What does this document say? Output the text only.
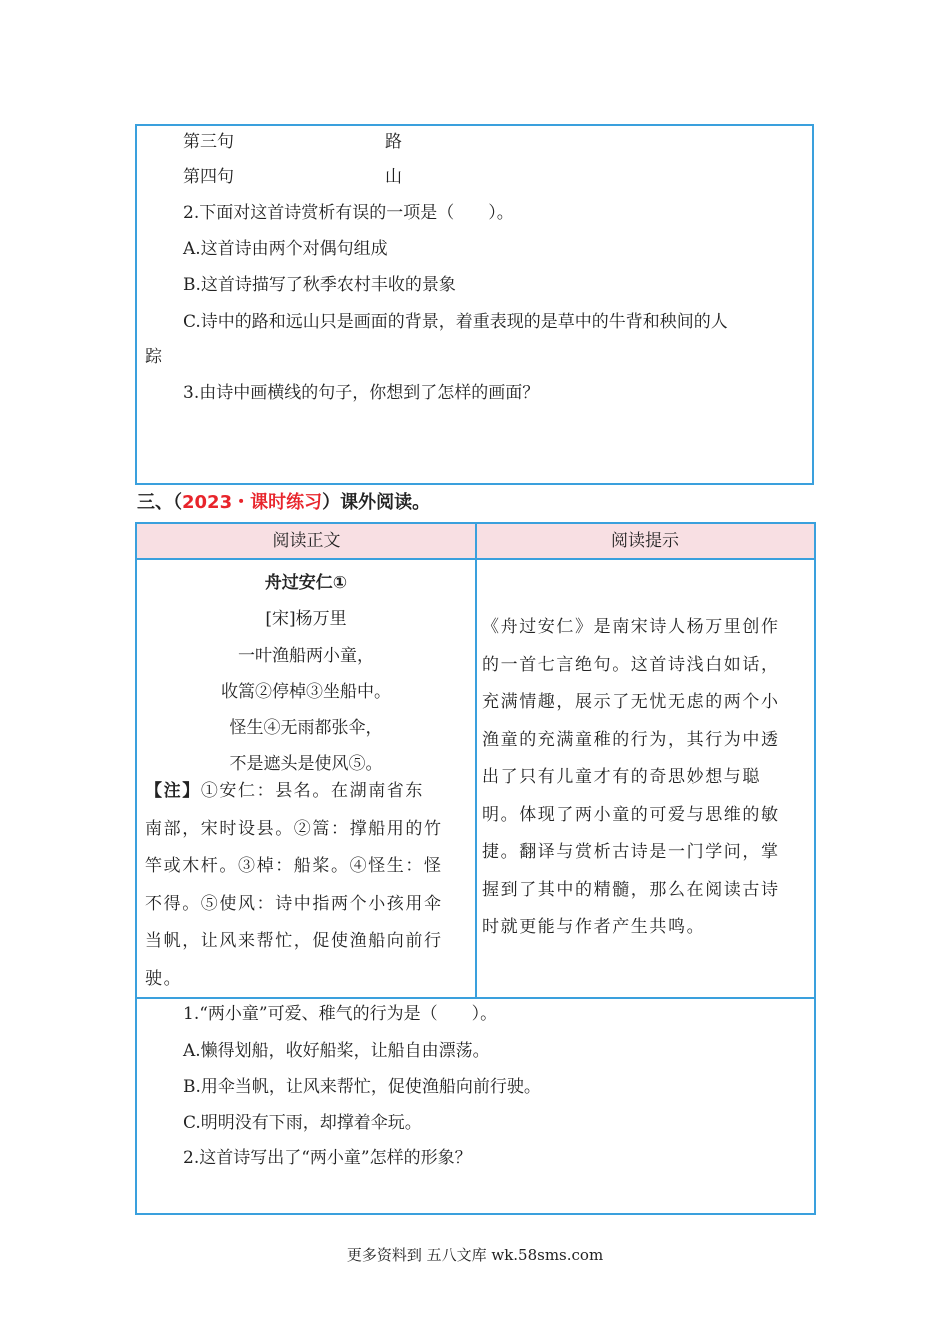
第三句	路
第四句	山
2.下面对这首诗赏析有误的一项是（　　）。
A.这首诗由两个对偶句组成
B.这首诗描写了秋季农村丰收的景象
C.诗中的路和远山只是画面的背景，着重表现的是草中的牛背和秧间的人
踪
3.由诗中画横线的句子，你想到了怎样的画面？
三、（2023・课时练习）课外阅读。
阅读正文	阅读提示
舟过安仁①
[宋]杨万里
一叶渔船两小童，
收篙②停棹③坐船中。
怪生④无雨都张伞，
不是遮头是使风⑤。
【注】①安仁：县名。在湖南省东
南部，宋时设县。②篙：撑船用的竹
竿或木杆。③棹：船桨。④怪生：怪
不得。⑤使风：诗中指两个小孩用伞
当帆，让风来帮忙，促使渔船向前行
驶。
《舟过安仁》是南宋诗人杨万里创作
的一首七言绝句。这首诗浅白如话，
充满情趣，展示了无忧无虑的两个小
渔童的充满童稚的行为，其行为中透
出了只有儿童才有的奇思妙想与聪
明。体现了两小童的可爱与思维的敏
捷。翻译与赏析古诗是一门学问，掌
握到了其中的精髓，那么在阅读古诗
时就更能与作者产生共鸣。
1.“两小童”可爱、稚气的行为是（　　）。
A.懒得划船，收好船桨，让船自由漂荡。
B.用伞当帆，让风来帮忙，促使渔船向前行驶。
C.明明没有下雨，却撑着伞玩。
2.这首诗写出了“两小童”怎样的形象？
更多资料到 五八文库 wk.58sms.com
